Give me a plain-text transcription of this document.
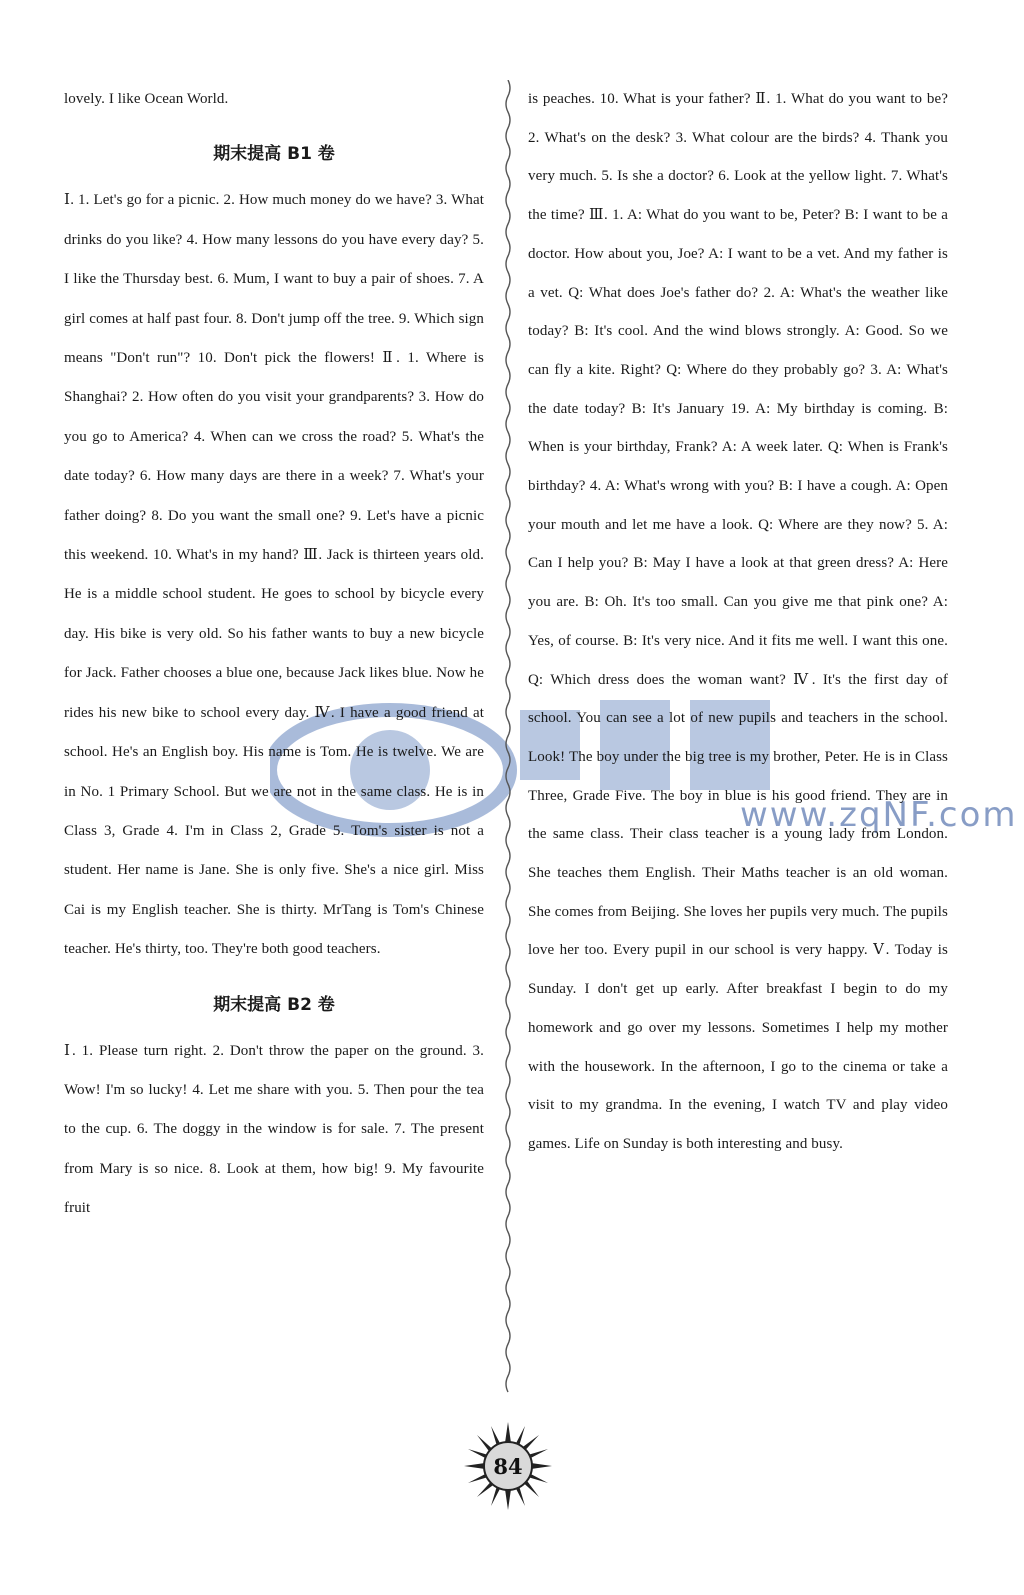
www.zqNF.com

lovely. I like Ocean World.

期末提高 B1 卷

Ⅰ. 1. Let's go for a picnic. 2. How much money do we have? 3. What drinks do you like? 4. How many lessons do you have every day? 5. I like the Thursday best. 6. Mum, I want to buy a pair of shoes. 7. A girl comes at half past four. 8. Don't jump off the tree. 9. Which sign means "Don't run"? 10. Don't pick the flowers! Ⅱ. 1. Where is Shanghai? 2. How often do you visit your grandparents? 3. How do you go to America? 4. When can we cross the road? 5. What's the date today? 6. How many days are there in a week? 7. What's your father doing? 8. Do you want the small one? 9. Let's have a picnic this weekend. 10. What's in my hand? Ⅲ. Jack is thirteen years old. He is a middle school student. He goes to school by bicycle every day. His bike is very old. So his father wants to buy a new bicycle for Jack. Father chooses a blue one, because Jack likes blue. Now he rides his new bike to school every day. Ⅳ. I have a good friend at school. He's an English boy. His name is Tom. He is twelve. We are in No. 1 Primary School. But we are not in the same class. He is in Class 3, Grade 4. I'm in Class 2, Grade 5. Tom's sister is not a student. Her name is Jane. She is only five. She's a nice girl. Miss Cai is my English teacher. She is thirty. MrTang is Tom's Chinese teacher. He's thirty, too. They're both good teachers.

期末提高 B2 卷

Ⅰ. 1. Please turn right. 2. Don't throw the paper on the ground. 3. Wow! I'm so lucky! 4. Let me share with you. 5. Then pour the tea to the cup. 6. The doggy in the window is for sale. 7. The present from Mary is so nice. 8. Look at them, how big! 9. My favourite fruit

is peaches. 10. What is your father? Ⅱ. 1. What do you want to be? 2. What's on the desk? 3. What colour are the birds? 4. Thank you very much. 5. Is she a doctor? 6. Look at the yellow light. 7. What's the time? Ⅲ. 1. A: What do you want to be, Peter? B: I want to be a doctor. How about you, Joe? A: I want to be a vet. And my father is a vet. Q: What does Joe's father do? 2. A: What's the weather like today? B: It's cool. And the wind blows strongly. A: Good. So we can fly a kite. Right? Q: Where do they probably go? 3. A: What's the date today? B: It's January 19. A: My birthday is coming. B: When is your birthday, Frank? A: A week later. Q: When is Frank's birthday? 4. A: What's wrong with you? B: I have a cough. A: Open your mouth and let me have a look. Q: Where are they now? 5. A: Can I help you? B: May I have a look at that green dress? A: Here you are. B: Oh. It's too small. Can you give me that pink one? A: Yes, of course. B: It's very nice. And it fits me well. I want this one. Q: Which dress does the woman want? Ⅳ. It's the first day of school. You can see a lot of new pupils and teachers in the school. Look! The boy under the big tree is my brother, Peter. He is in Class Three, Grade Five. The boy in blue is his good friend. They are in the same class. Their class teacher is a young lady from London. She teaches them English. Their Maths teacher is an old woman. She comes from Beijing. She loves her pupils very much. The pupils love her too. Every pupil in our school is very happy. Ⅴ. Today is Sunday. I don't get up early. After breakfast I begin to do my homework and go over my lessons. Sometimes I help my mother with the housework. In the afternoon, I go to the cinema or take a visit to my grandma. In the evening, I watch TV and play video games. Life on Sunday is both interesting and busy.

84
